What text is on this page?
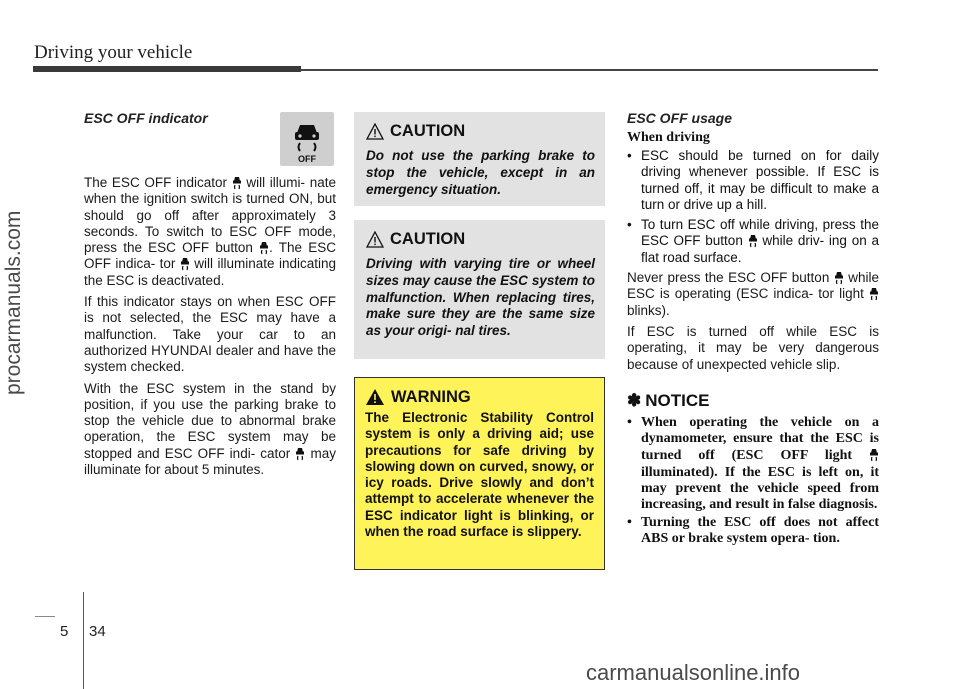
Driving your vehicle
procarmanuals.com
carmanualsonline.info
OFF
ESC OFF indicator

The ESC OFF indicator  will illumi- nate when the ignition switch is turned ON, but should go off after approximately 3 seconds. To switch to ESC OFF mode, press the ESC OFF button . The ESC OFF indica- tor  will illuminate indicating the ESC is deactivated.

If this indicator stays on when ESC OFF is not selected, the ESC may have a malfunction. Take your car to an authorized HYUNDAI dealer and have the system checked.

With the ESC system in the stand by position, if you use the parking brake to stop the vehicle due to abnormal brake operation, the ESC system may be stopped and ESC OFF indi- cator  may illuminate for about 5 minutes.

CAUTION
Do not use the parking brake to stop the vehicle, except in an emergency situation.
CAUTION
Driving with varying tire or wheel sizes may cause the ESC system to malfunction. When replacing tires, make sure they are the same size as your origi- nal tires.
WARNING
The Electronic Stability Control system is only a driving aid; use precautions for safe driving by slowing down on curved, snowy, or icy roads. Drive slowly and don’t attempt to accelerate whenever the ESC indicator light is blinking, or when the road surface is slippery.
ESC OFF usage
When driving
• ESC should be turned on for daily driving whenever possible. If ESC is turned off, it may be difficult to make a turn or drive up a hill.
• To turn ESC off while driving, press the ESC OFF button  while driv- ing on a flat road surface.

Never press the ESC OFF button  while ESC is operating (ESC indica- tor light  blinks).

If ESC is turned off while ESC is operating, it may be very dangerous because of unexpected vehicle slip.

✽ NOTICE
• When operating the vehicle on a dynamometer, ensure that the ESC is turned off (ESC OFF light  illuminated). If the ESC is left on, it may prevent the vehicle speed from increasing, and result in false diagnosis.
• Turning the ESC off does not affect ABS or brake system opera- tion.
5 34
